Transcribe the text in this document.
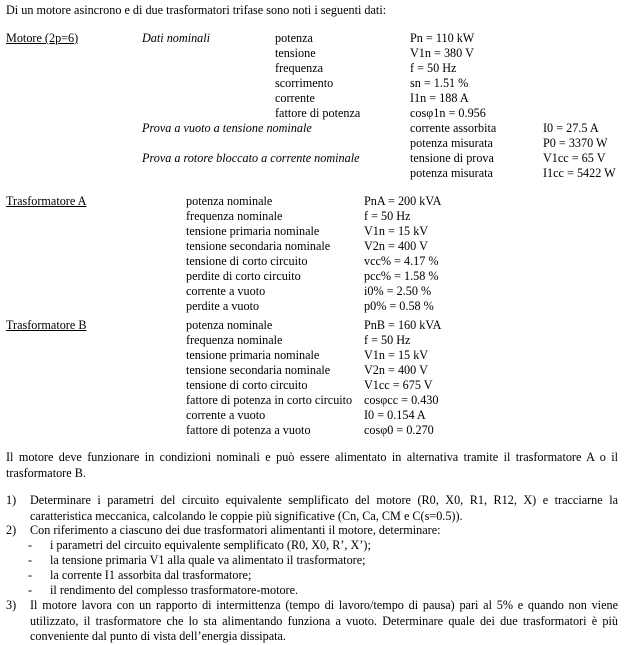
Di un motore asincrono e di due trasformatori trifase sono noti i seguenti dati:
Motore (2p=6)	Dati nominali	potenza	Pn = 110 kW
tensione	V1n = 380 V
frequenza	f = 50 Hz
scorrimento	sn = 1.51 %
corrente	I1n = 188 A
fattore di potenza	cosφ1n = 0.956
Prova a vuoto a tensione nominale	corrente assorbita	I0 = 27.5 A
potenza misurata	P0 = 3370 W
Prova a rotore bloccato a corrente nominale	tensione di prova	V1cc = 65 V
potenza misurata	I1cc = 5422 W
Trasformatore A	potenza nominale	PnA = 200 kVA
frequenza nominale	f = 50 Hz
tensione primaria nominale	V1n = 15 kV
tensione secondaria nominale	V2n = 400 V
tensione di corto circuito	vcc% = 4.17 %
perdite di corto circuito	pcc% = 1.58 %
corrente a vuoto	i0% = 2.50 %
perdite a vuoto	p0% = 0.58 %
Trasformatore B	potenza nominale	PnB = 160 kVA
frequenza nominale	f = 50 Hz
tensione primaria nominale	V1n = 15 kV
tensione secondaria nominale	V2n = 400 V
tensione di corto circuito	V1cc = 675 V
fattore di potenza in corto circuito cosφcc = 0.430
corrente a vuoto	I0 = 0.154 A
fattore di potenza a vuoto	cosφ0 = 0.270
Il motore deve funzionare in condizioni nominali e può essere alimentato in alternativa tramite il trasformatore A o il trasformatore B.
1) Determinare i parametri del circuito equivalente semplificato del motore (R0, X0, R1, R12, X) e tracciarne la caratteristica meccanica, calcolando le coppie più significative (Cn, Ca, CM e C(s=0.5)).
2) Con riferimento a ciascuno dei due trasformatori alimentanti il motore, determinare:
- i parametri del circuito equivalente semplificato (R0, X0, R’, X’);
- la tensione primaria V1 alla quale va alimentato il trasformatore;
- la corrente I1 assorbita dal trasformatore;
- il rendimento del complesso trasformatore-motore.
3) Il motore lavora con un rapporto di intermittenza (tempo di lavoro/tempo di pausa) pari al 5% e quando non viene utilizzato, il trasformatore che lo sta alimentando funziona a vuoto. Determinare quale dei due trasformatori è più conveniente dal punto di vista dell’energia dissipata.
